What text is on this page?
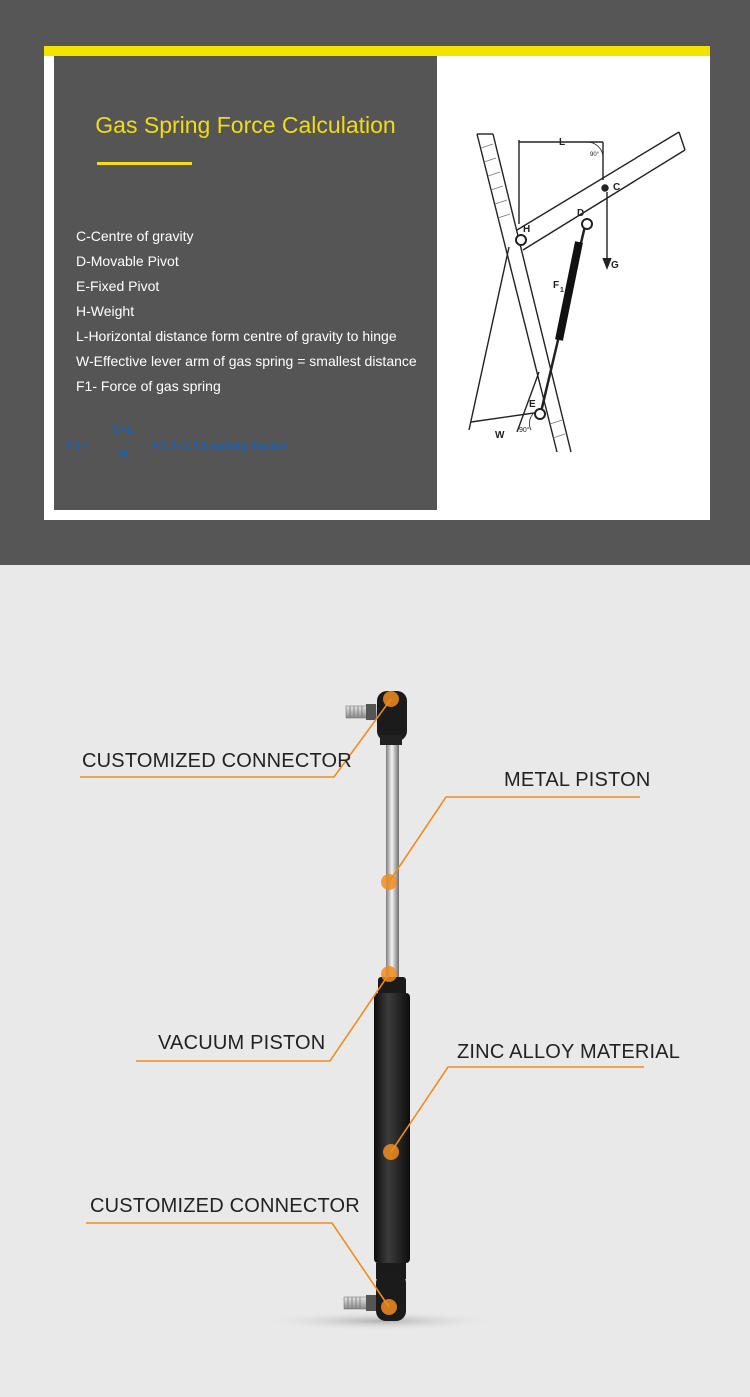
Gas Spring Force Calculation
C-Centre of gravity
D-Movable Pivot
E-Fixed Pivot
H-Weight
L-Horizontal distance form centre of gravity to hinge
W-Effective lever arm of gas spring = smallest distance
F1- Force of gas spring
F1=
G×L
W
×1.1-1.15 safety factor
L
C
D
H
G
F 1
E
W
90°
90°
CUSTOMIZED CONNECTOR
METAL PISTON
VACUUM PISTON	ZINC ALLOY MATERIAL
CUSTOMIZED CONNECTOR
